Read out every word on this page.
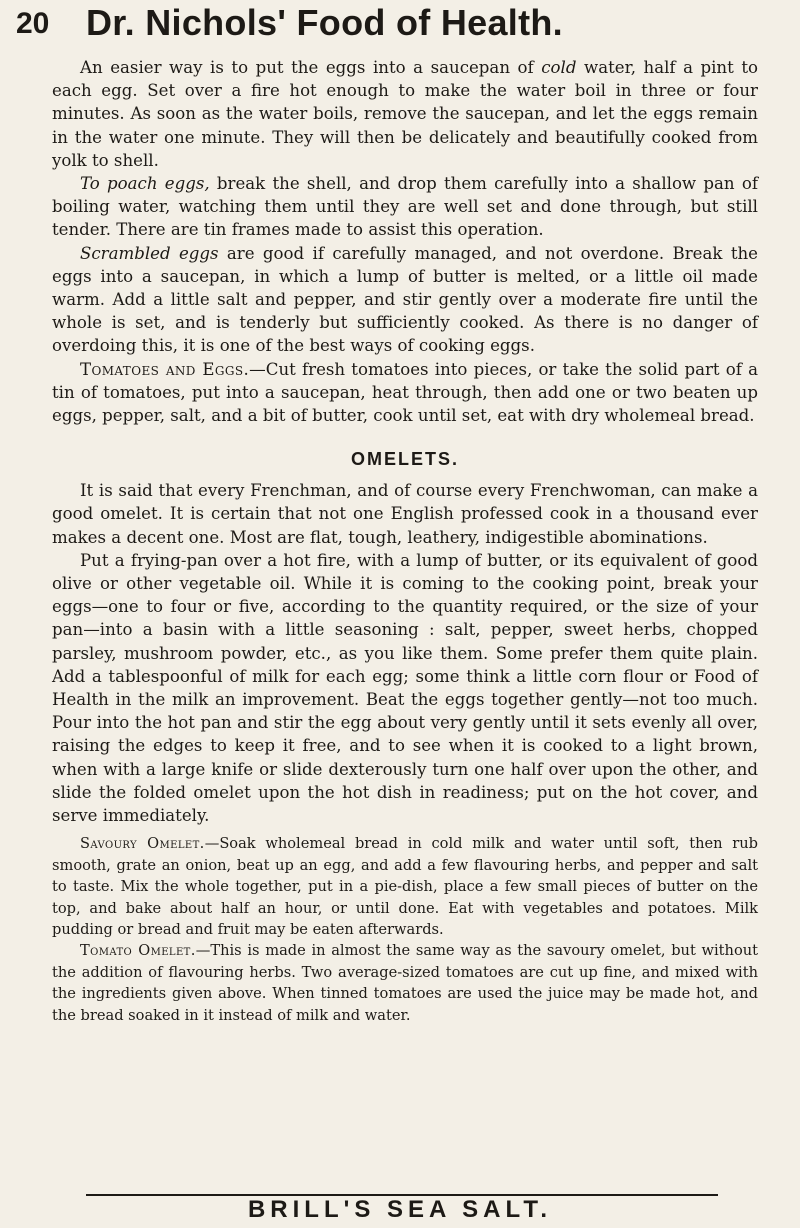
20 Dr. Nichols' Food of Health.

An easier way is to put the eggs into a saucepan of cold water, half a pint to each egg. Set over a fire hot enough to make the water boil in three or four minutes. As soon as the water boils, remove the saucepan, and let the eggs remain in the water one minute. They will then be delicately and beautifully cooked from yolk to shell.

To poach eggs, break the shell, and drop them carefully into a shallow pan of boiling water, watching them until they are well set and done through, but still tender. There are tin frames made to assist this operation.

Scrambled eggs are good if carefully managed, and not overdone. Break the eggs into a saucepan, in which a lump of butter is melted, or a little oil made warm. Add a little salt and pepper, and stir gently over a moderate fire until the whole is set, and is tenderly but sufficiently cooked. As there is no danger of overdoing this, it is one of the best ways of cooking eggs.

Tomatoes and Eggs.—Cut fresh tomatoes into pieces, or take the solid part of a tin of tomatoes, put into a saucepan, heat through, then add one or two beaten up eggs, pepper, salt, and a bit of butter, cook until set, eat with dry wholemeal bread.

OMELETS.

It is said that every Frenchman, and of course every Frenchwoman, can make a good omelet. It is certain that not one English professed cook in a thousand ever makes a decent one. Most are flat, tough, leathery, indigestible abominations.

Put a frying-pan over a hot fire, with a lump of butter, or its equivalent of good olive or other vegetable oil. While it is coming to the cooking point, break your eggs—one to four or five, according to the quantity required, or the size of your pan—into a basin with a little seasoning : salt, pepper, sweet herbs, chopped parsley, mushroom powder, etc., as you like them. Some prefer them quite plain. Add a tablespoonful of milk for each egg; some think a little corn flour or Food of Health in the milk an improvement. Beat the eggs together gently—not too much. Pour into the hot pan and stir the egg about very gently until it sets evenly all over, raising the edges to keep it free, and to see when it is cooked to a light brown, when with a large knife or slide dexterously turn one half over upon the other, and slide the folded omelet upon the hot dish in readiness; put on the hot cover, and serve immediately.

Savoury Omelet.—Soak wholemeal bread in cold milk and water until soft, then rub smooth, grate an onion, beat up an egg, and add a few flavouring herbs, and pepper and salt to taste. Mix the whole together, put in a pie-dish, place a few small pieces of butter on the top, and bake about half an hour, or until done. Eat with vegetables and potatoes. Milk pudding or bread and fruit may be eaten afterwards.

Tomato Omelet.—This is made in almost the same way as the savoury omelet, but without the addition of flavouring herbs. Two average-sized tomatoes are cut up fine, and mixed with the ingredients given above. When tinned tomatoes are used the juice may be made hot, and the bread soaked in it instead of milk and water.

BRILL'S SEA SALT.
